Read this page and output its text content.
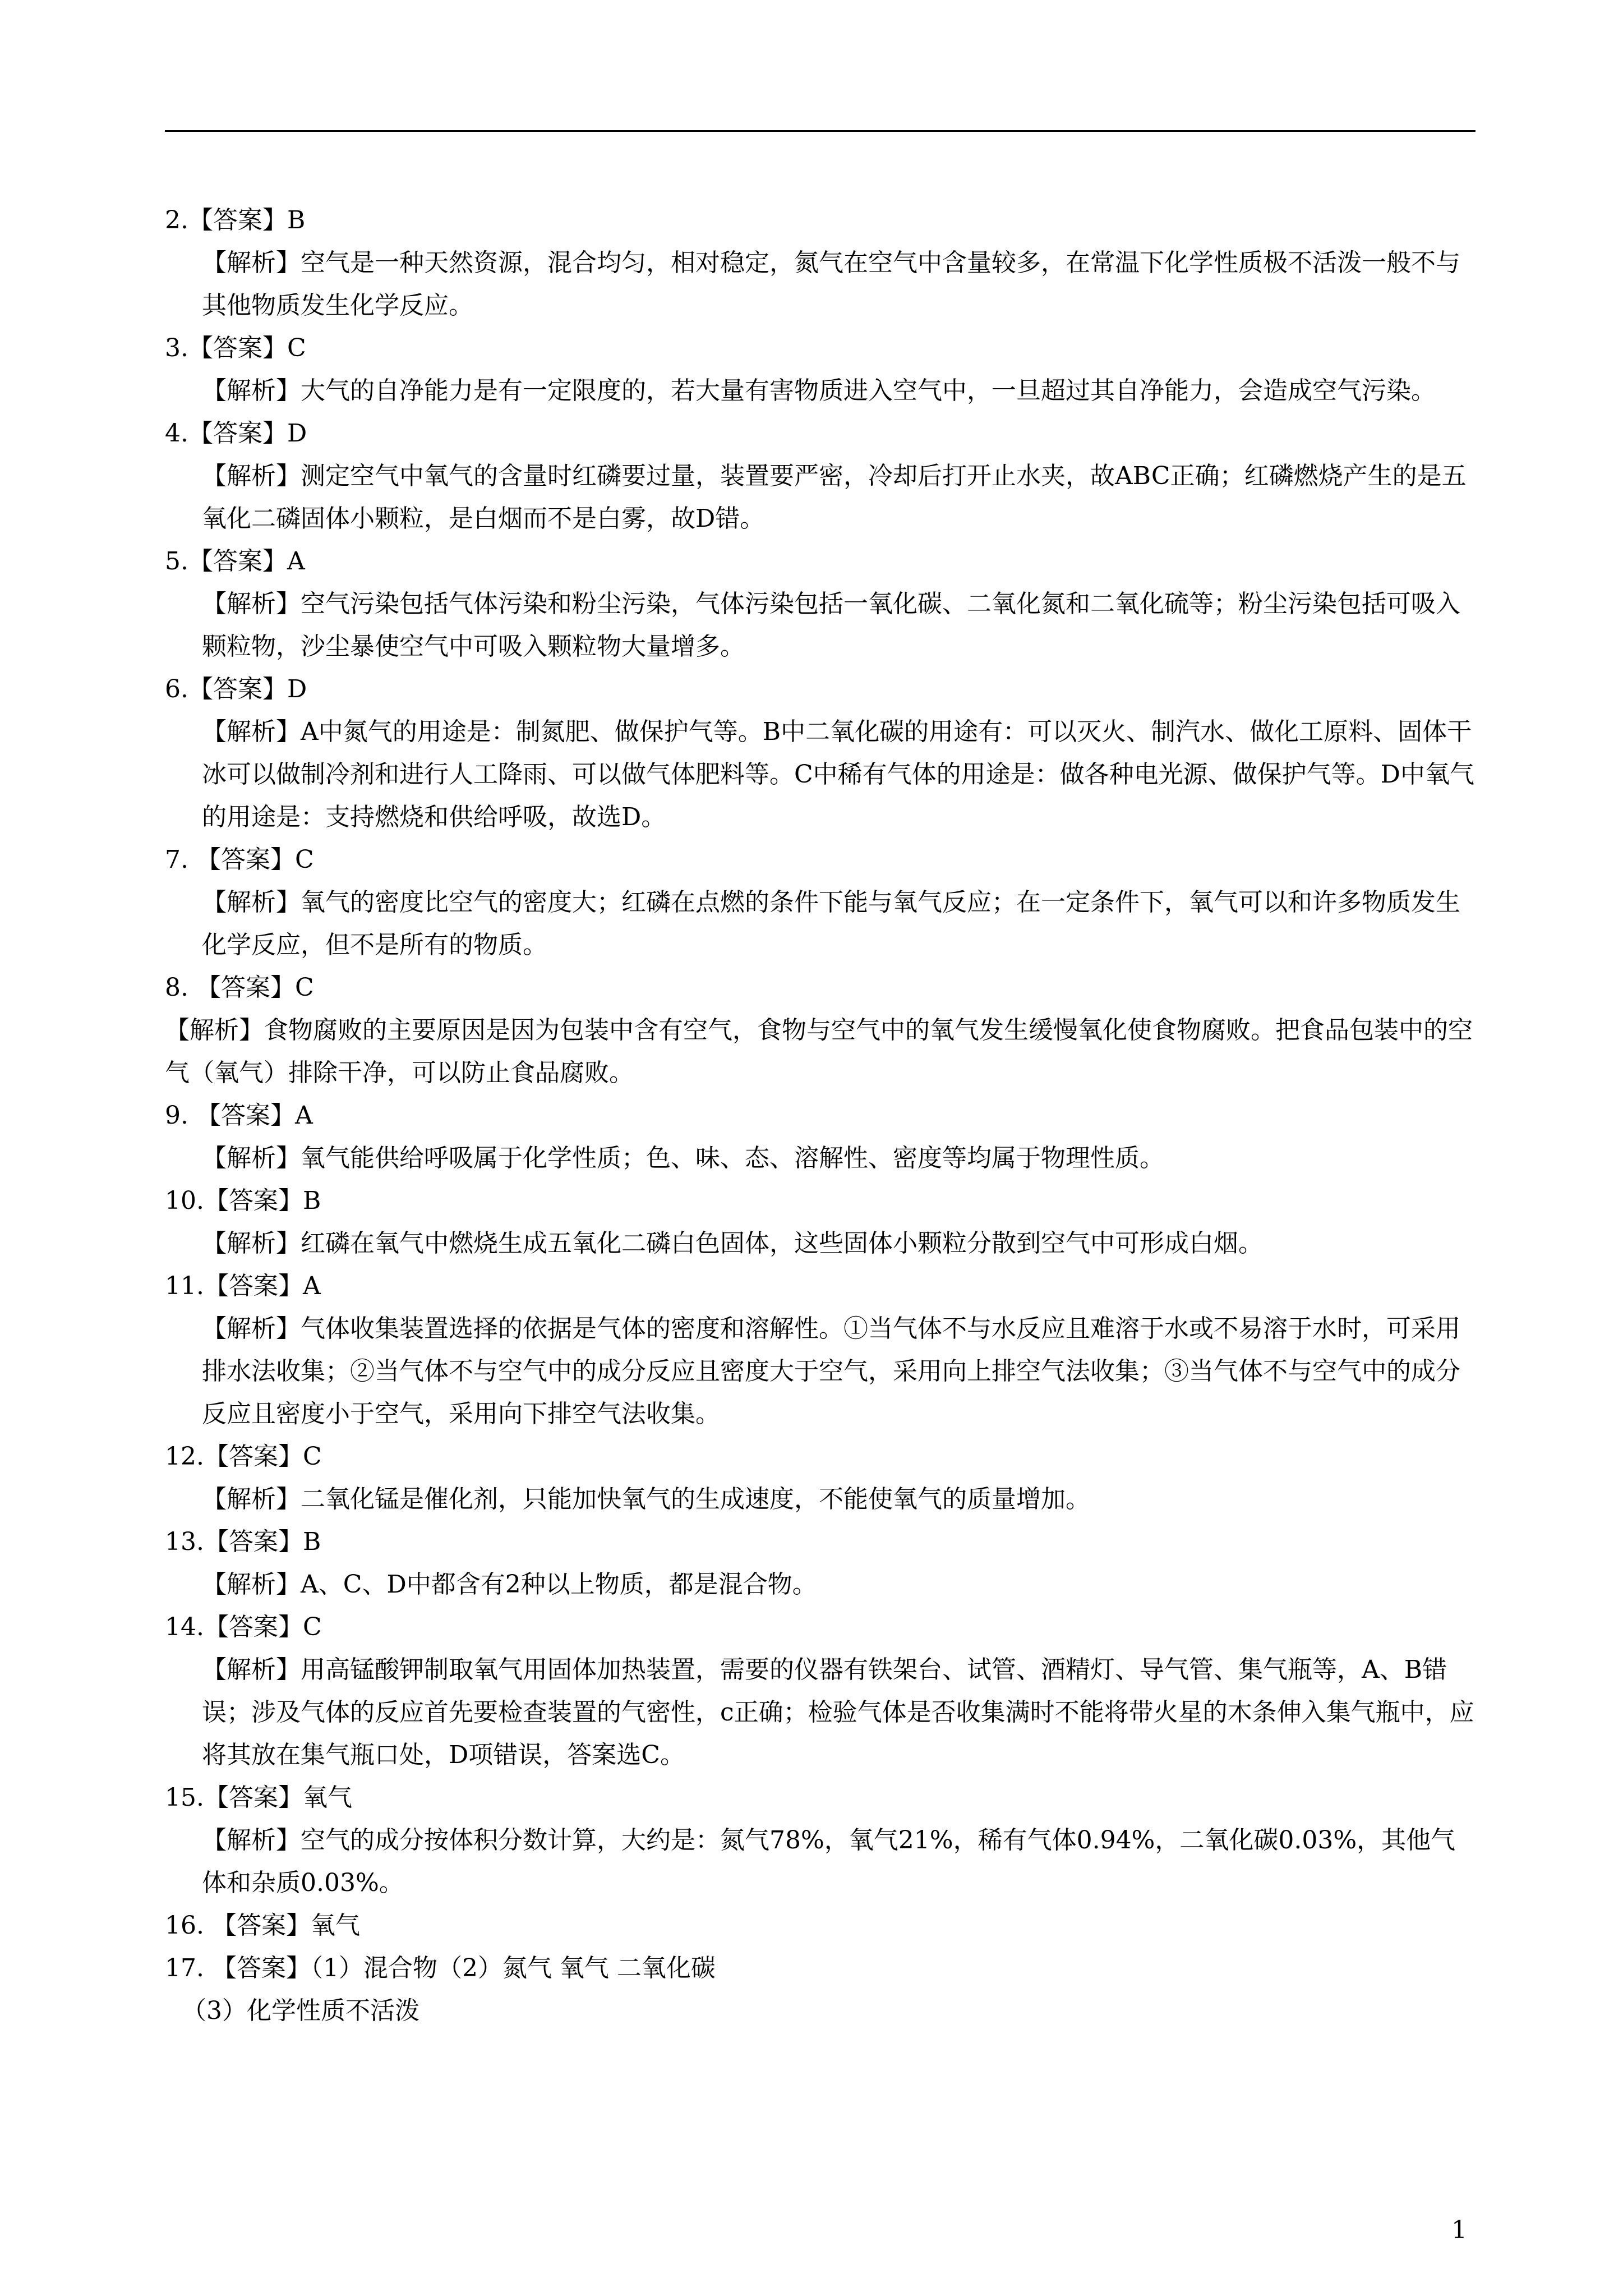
2.【答案】B
【解析】空气是一种天然资源，混合均匀，相对稳定，氮气在空气中含量较多，在常温下化学性质极不活泼一般不与其他物质发生化学反应。
3.【答案】C
【解析】大气的自净能力是有一定限度的，若大量有害物质进入空气中，一旦超过其自净能力，会造成空气污染。
4.【答案】D
【解析】测定空气中氧气的含量时红磷要过量，装置要严密，冷却后打开止水夹，故ABC正确；红磷燃烧产生的是五氧化二磷固体小颗粒，是白烟而不是白雾，故D错。
5.【答案】A
【解析】空气污染包括气体污染和粉尘污染，气体污染包括一氧化碳、二氧化氮和二氧化硫等；粉尘污染包括可吸入颗粒物，沙尘暴使空气中可吸入颗粒物大量增多。
6.【答案】D
【解析】A中氮气的用途是：制氮肥、做保护气等。B中二氧化碳的用途有：可以灭火、制汽水、做化工原料、固体干冰可以做制冷剂和进行人工降雨、可以做气体肥料等。C中稀有气体的用途是：做各种电光源、做保护气等。D中氧气的用途是：支持燃烧和供给呼吸，故选D。
7. 【答案】C
【解析】氧气的密度比空气的密度大；红磷在点燃的条件下能与氧气反应；在一定条件下，氧气可以和许多物质发生化学反应，但不是所有的物质。
8. 【答案】C
【解析】食物腐败的主要原因是因为包装中含有空气，食物与空气中的氧气发生缓慢氧化使食物腐败。把食品包装中的空气（氧气）排除干净，可以防止食品腐败。
9. 【答案】A
【解析】氧气能供给呼吸属于化学性质；色、味、态、溶解性、密度等均属于物理性质。
10.【答案】B
【解析】红磷在氧气中燃烧生成五氧化二磷白色固体，这些固体小颗粒分散到空气中可形成白烟。
11.【答案】A
【解析】气体收集装置选择的依据是气体的密度和溶解性。①当气体不与水反应且难溶于水或不易溶于水时，可采用排水法收集；②当气体不与空气中的成分反应且密度大于空气，采用向上排空气法收集；③当气体不与空气中的成分反应且密度小于空气，采用向下排空气法收集。
12.【答案】C
【解析】二氧化锰是催化剂，只能加快氧气的生成速度，不能使氧气的质量增加。
13.【答案】B
【解析】A、C、D中都含有2种以上物质，都是混合物。
14.【答案】C
【解析】用高锰酸钾制取氧气用固体加热装置，需要的仪器有铁架台、试管、酒精灯、导气管、集气瓶等，A、B错误；涉及气体的反应首先要检查装置的气密性，c正确；检验气体是否收集满时不能将带火星的木条伸入集气瓶中，应将其放在集气瓶口处，D项错误，答案选C。
15.【答案】氧气
【解析】空气的成分按体积分数计算，大约是：氮气78%，氧气21%，稀有气体0.94%，二氧化碳0.03%，其他气体和杂质0.03%。
16. 【答案】氧气
17. 【答案】（1）混合物（2）氮气 氧气 二氧化碳
（3）化学性质不活泼
1
